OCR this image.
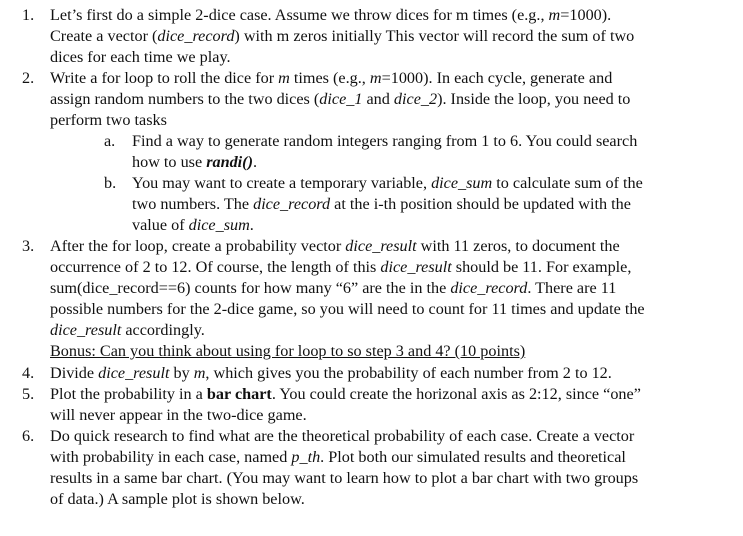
1. Let’s first do a simple 2-dice case. Assume we throw dices for m times (e.g., m=1000).
Create a vector (dice_record) with m zeros initially This vector will record the sum of two
dices for each time we play.
2. Write a for loop to roll the dice for m times (e.g., m=1000). In each cycle, generate and
assign random numbers to the two dices (dice_1 and dice_2). Inside the loop, you need to
perform two tasks
a. Find a way to generate random integers ranging from 1 to 6. You could search
how to use randi().
b. You may want to create a temporary variable, dice_sum to calculate sum of the
two numbers. The dice_record at the i-th position should be updated with the
value of dice_sum.
3. After the for loop, create a probability vector dice_result with 11 zeros, to document the
occurrence of 2 to 12. Of course, the length of this dice_result should be 11. For example,
sum(dice_record==6) counts for how many “6” are the in the dice_record. There are 11
possible numbers for the 2-dice game, so you will need to count for 11 times and update the
dice_result accordingly.
Bonus: Can you think about using for loop to so step 3 and 4? (10 points)
4. Divide dice_result by m, which gives you the probability of each number from 2 to 12.
5. Plot the probability in a bar chart. You could create the horizonal axis as 2:12, since “one”
will never appear in the two-dice game.
6. Do quick research to find what are the theoretical probability of each case. Create a vector
with probability in each case, named p_th. Plot both our simulated results and theoretical
results in a same bar chart. (You may want to learn how to plot a bar chart with two groups
of data.) A sample plot is shown below.
